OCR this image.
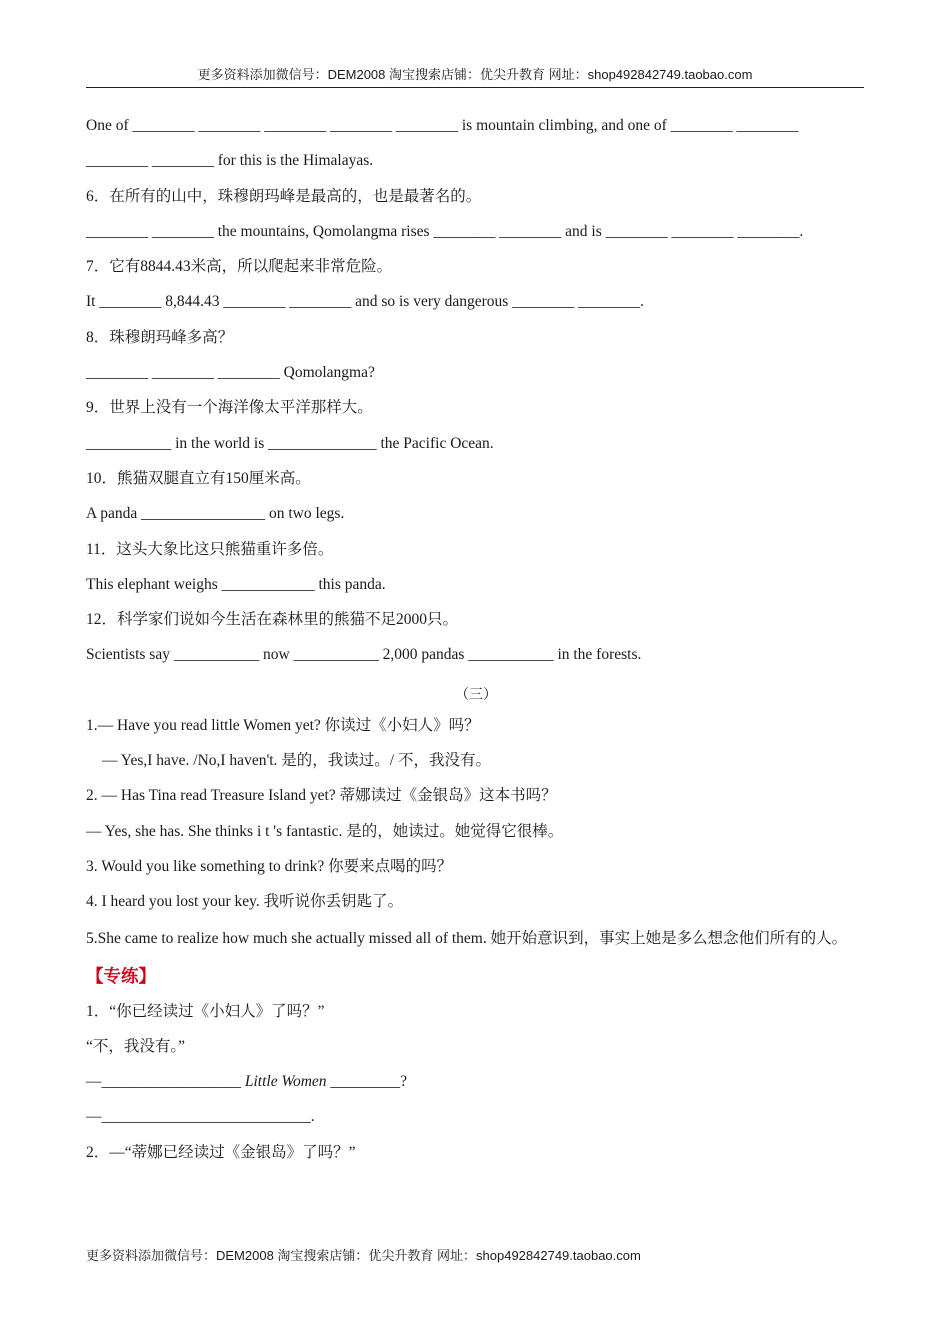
更多资料添加微信号：DEM2008 淘宝搜索店铺：优尖升教育 网址：shop492842749.taobao.com
One of ________ ________ ________ ________ ________ is mountain climbing, and one of ________ ________
________ ________ for this is the Himalayas.
6．在所有的山中，珠穆朗玛峰是最高的，也是最著名的。
________ ________ the mountains, Qomolangma rises ________ ________ and is ________ ________ ________.
7．它有8844.43米高，所以爬起来非常危险。
It ________ 8,844.43 ________ ________ and so is very dangerous ________ ________.
8．珠穆朗玛峰多高？
________ ________ ________ Qomolangma?
9．世界上没有一个海洋像太平洋那样大。
___________ in the world is ______________ the Pacific Ocean.
10．熊猫双腿直立有150厘米高。
A panda ________________ on two legs.
11．这头大象比这只熊猫重许多倍。
This elephant weighs ____________ this panda.
12．科学家们说如今生活在森林里的熊猫不足2000只。
Scientists say ___________ now ___________ 2,000 pandas ___________ in the forests.
（三）
1.— Have you read little Women yet? 你读过《小妇人》吗？
— Yes,I have. /No,I haven't. 是的，我读过。/ 不，我没有。
2. — Has Tina read Treasure Island yet? 蒂娜读过《金银岛》这本书吗？
— Yes, she has. She thinks i t 's fantastic. 是的，她读过。她觉得它很棒。
3. Would you like something to drink? 你要来点喝的吗？
4. I heard you lost your key. 我听说你丢钥匙了。
5.She came to realize how much she actually missed all of them. 她开始意识到，事实上她是多么想念他们所有的人。
【专练】
1．“你已经读过《小妇人》了吗？”
“不，我没有。”
—__________________ Little Women _________?
—___________________________.
2．—“蒂娜已经读过《金银岛》了吗？”
更多资料添加微信号：DEM2008 淘宝搜索店铺：优尖升教育 网址：shop492842749.taobao.com
